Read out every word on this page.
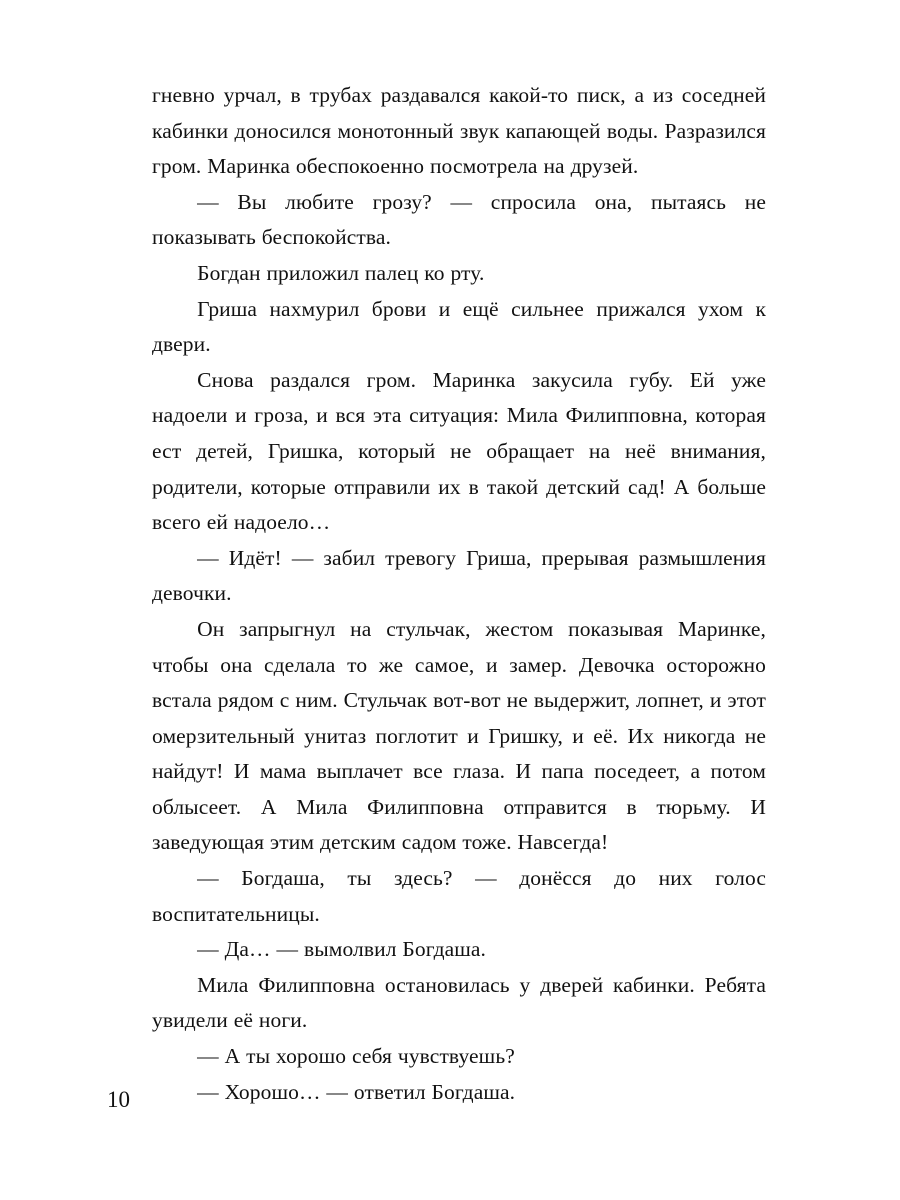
гневно урчал, в трубах раздавался какой-то писк, а из соседней кабинки доносился монотонный звук капающей воды. Разразился гром. Маринка обеспокоенно посмотрела на друзей.

— Вы любите грозу? — спросила она, пытаясь не показывать беспокойства.

Богдан приложил палец ко рту.

Гриша нахмурил брови и ещё сильнее прижался ухом к двери.

Снова раздался гром. Маринка закусила губу. Ей уже надоели и гроза, и вся эта ситуация: Мила Филипповна, которая ест детей, Гришка, который не обращает на неё внимания, родители, которые отправили их в такой детский сад! А больше всего ей надоело…

— Идёт! — забил тревогу Гриша, прерывая размышления девочки.

Он запрыгнул на стульчак, жестом показывая Маринке, чтобы она сделала то же самое, и замер. Девочка осторожно встала рядом с ним. Стульчак вот-вот не выдержит, лопнет, и этот омерзительный унитаз поглотит и Гришку, и её. Их никогда не найдут! И мама выплачет все глаза. И папа поседеет, а потом облысеет. А Мила Филипповна отправится в тюрьму. И заведующая этим детским садом тоже. Навсегда!

— Богдаша, ты здесь? — донёсся до них голос воспитательницы.

— Да… — вымолвил Богдаша.

Мила Филипповна остановилась у дверей кабинки. Ребята увидели её ноги.

— А ты хорошо себя чувствуешь?

— Хорошо… — ответил Богдаша.

10
